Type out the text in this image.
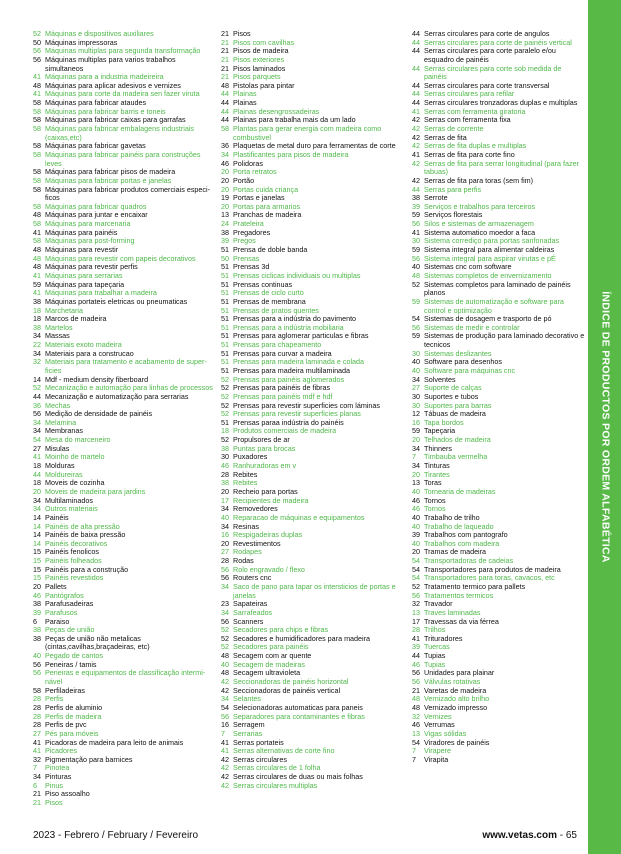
52 Máquinas e dispositivos auxiliares
50 Máquinas impressoras
56 Máquinas multiplas para segunda transformação
56 Máquinas multiplas para varios trabalhos simultaneos
41 Máquinas para a industria madeireira
48 Máquinas para aplicar adesivos e vernizes
41 Máquinas para corte da madeira sen fazer viruta
58 Máquinas para fabricar ataudes
58 Máquinas para fabricar barris e toneis
58 Máquinas para fabricar caixas para garrafas
58 Máquinas para fabricar embalagens industriais (caixas,etc)
58 Máquinas para fabricar gavetas
58 Máquinas para fabricar painéis para construções leves
58 Máquinas para fabricar pisos de madeira
58 Máquinas para fabricar portas e janelas
58 Máquinas para fabricar produtos comerciais especi-ficos
58 Máquinas para fabricar quadros
48 Máquinas para juntar e encaixar
58 Máquinas para marcenaria
41 Máquinas para painéis
58 Máquinas para post-forming
48 Máquinas para revestir
48 Máquinas para revestir com papeis decorativos
48 Máquinas para revestir perfis
41 Máquinas para serrarias
59 Máquinas para tapeçaria
41 Máquinas para trabalhar a madeira
38 Máquinas portateis eletricas ou pneumaticas
18 Marchetaria
18 Marcos de madeira
38 Martelos
34 Massas
22 Materiais exoto madeira
34 Materiais para a construcao
32 Materiais para tratamento e acabamento de super-ficies
14 Mdf - medium density fiberboard
52 Mecanização e automação para linhas de processos
44 Mecanização e automatização para serrarias
36 Mechas
56 Medição de densidade de painéis
34 Melamina
34 Membranas
54 Mesa do marceneiro
27 Misulas
41 Moinho de martelo
18 Molduras
44 Moldureiras
18 Moveis de cozinha
20 Moveis de madeira para jardins
34 Multilaminados
34 Outros materiais
14 Painéis
14 Painéis de alta pressão
14 Painéis de baixa pressão
14 Painéis decorativos
15 Painéis fenolicos
15 Painéis folheados
15 Painéis para a construção
15 Painéis revestidos
20 Pallets
46 Pantógrafos
38 Parafusadeiras
39 Parafusos
6	Paraiso
38 Peças de união
38 Peças de união não metalicas (cintas,cavilhas,braçadeiras, etc)
40 Pegado de cantos
56 Peneiras / tamis
56 Peneiras e equipamentos de classificação intermi-nável
58 Perfiladeiras
28 Perfis
28 Perfis de aluminio
28 Perfis de madeira
28 Perfis de pvc
27 Pés para móveis
41 Picadoras de madeira para leito de animais
41 Picadores
32 Pigmentação para barnices
7	Pinotea
34 Pinturas
6	Pinus
21 Piso assoalho
21 Pisos
21 Pisos
21 Pisos com cavilhas
21 Pisos de madeira
21 Pisos exteriores
21 Pisos laminados
21 Pisos parquets
48 Pistolas para pintar
44 Plainas
44 Plainas
44 Plainas desengrossadeiras
44 Plainas para trabalha mais da um lado
58 Plantas para gerar energia com madeira como combustivel
36 Plaquetas de metal duro para ferramentas de corte
34 Plastificantes para pisos de madeira
46 Polidoras
20 Porta retratos
20 Portão
20 Portas cuida criança
19 Portas e janelas
20 Portas para armarios
13 Pranchas de madeira
24 Prateleira
38 Pregadores
39 Pregos
51 Prensa de doble banda
50 Prensas
51 Prensas 3d
51 Prensas ciclicas individuais ou multiplas
51 Prensas continuas
51 Prensas de ciclo curto
51 Prensas de membrana
51 Prensas de pratos quentes
51 Prensas para a indústria do pavimento
51 Prensas para a indústria mobiliaria
51 Prensas para aglomerar particulas e fibras
51 Prensas para chapeamento
51 Prensas para curvar a madeira
51 Prensas para madeira laminada e colada
51 Prensas para madeira multilaminada
52 Prensas para painéis aglomerados
52 Prensas para painéis de fibras
52 Prensas para painéis mdf e hdf
52 Prensas para revestir superficies com láminas
52 Prensas para revestir superficies planas
51 Prensas paraa indústria do painéis
18 Produtos comerciais de madeira
52 Propulsores de ar
38 Puntas para brocas
30 Puxadores
46 Ranhuradoras em v
28 Rebites
38 Rebites
20 Recheio para portas
17 Recipientes de madeira
34 Removedores
40 Reparacao de máquinas e equipamentos
34 Resinas
16 Respigadeiras duplas
20 Revestimentos
27 Rodapes
28 Rodas
56 Rolo engravado / flexo
56 Routers cnc
34 Saco de pano para tapar os intersticios de portas e janelas
23 Sapateiras
34 Sarrafeados
56 Scanners
52 Secadores para chips e fibras
52 Secadores e humidificadores para madeira
52 Secadores para painéis
48 Secagem com ar quente
40 Secagem de madeiras
48 Secagem ultravioleta
42 Seccionadoras de painéis horizontal
42 Seccionadoras de painéis vertical
34 Selantes
54 Selecionadoras automaticas para paneis
56 Separadores para contaminantes e fibras
16 Serragem
7	Serrarias
41 Serras portateis
41 Serras alternativas de corte fino
42 Serras circulares
42 Serras circulares de 1 folha
42 Serras circulares de duas ou mais folhas
42 Serras circulares multiplas
44 Serras circulares para corte de angulos
44 Serras circulares para corte de painéis vertical
44 Serras circulares para corte paralelo e/ou esquadro de painéis
44 Serras circulares para corte sob medida de painéis
44 Serras circulares para corte transversal
44 Serras circulares para refilar
44 Serras circulares tronzadoras duplas e multiplas
41 Serras com ferramenta giratoria
42 Serras com ferramenta fixa
42 Serras de corrente
42 Serras de fita
42 Serras de fita duplas e multiplas
41 Serras de fita para corte fino
42 Serras de fita para serrar longitudinal (para fazer tabuas)
42 Serras de fita para toras (sem fim)
44 Serras para perfis
38 Serrote
39 Serviços e trabalhos para terceiros
59 Serviços florestais
56 Silos e sistemas de armazenagem
41 Sistema automatico moedor a faca
30 Sistema corrediço para portas sanfonadas
59 Sistema integral para alimentar caldeiras
56 Sistema integral para aspirar virutas e pÉ
40 Sistemas cnc com software
48 Sistemas completos de envernizamento
52 Sistemas completos para laminado de painéis planos
59 Sistemas de automatização e software para control e optimização
54 Sistemas de dosagem e trasporto de pó
56 Sistemas de medir e controlar
59 Sistemas de produção para laminado decorativo e tecnicos
30 Sistemas deslizantes
40 Software para desenhos
40 Software para máquinas cnc
34 Solventes
27 Suporte de calças
30 Suportes e tubos
30 Suportes para barras
12 Tábuas de madeira
16 Tapa bordos
59 Tapeçaria
20 Telhados de madeira
34 Thinners
7	Timbauba vermelha
34 Tinturas
20 Tirantes
13 Toras
40 Tornearia de madeiras
46 Tornos
46 Tornos
40 Trabalho de trilho
40 Trabalho de laqueado
39 Trabalhos com pantografo
40 Trabalhos com madeira
20 Tramas de madeira
54 Transportadoras de cadeias
54 Transportadores para produtos de madeira
54 Transportadores para toras, cavacos, etc
52 Tratamento termico para pallets
56 Tratamentos termicos
32 Travador
13 Traves laminadas
17 Travessas da via férrea
28 Trilhos
41 Trituradores
39 Tuercas
44 Tupias
46 Tupias
56 Unidades para plainar
56 Válvulas rotativas
21 Varetas de madeira
48 Vernizado alto brilho
48 Vernizado impresso
32 Vernizes
46 Verrumas
13 Vigas sólidas
54 Viradores de painéis
7	Virapere
7	Virapita
ÍNDICE DE PRODUCTOS POR ORDEM ALFABÉTICA
2023 - Febrero / February / Fevereiro	www.vetas.com - 65
